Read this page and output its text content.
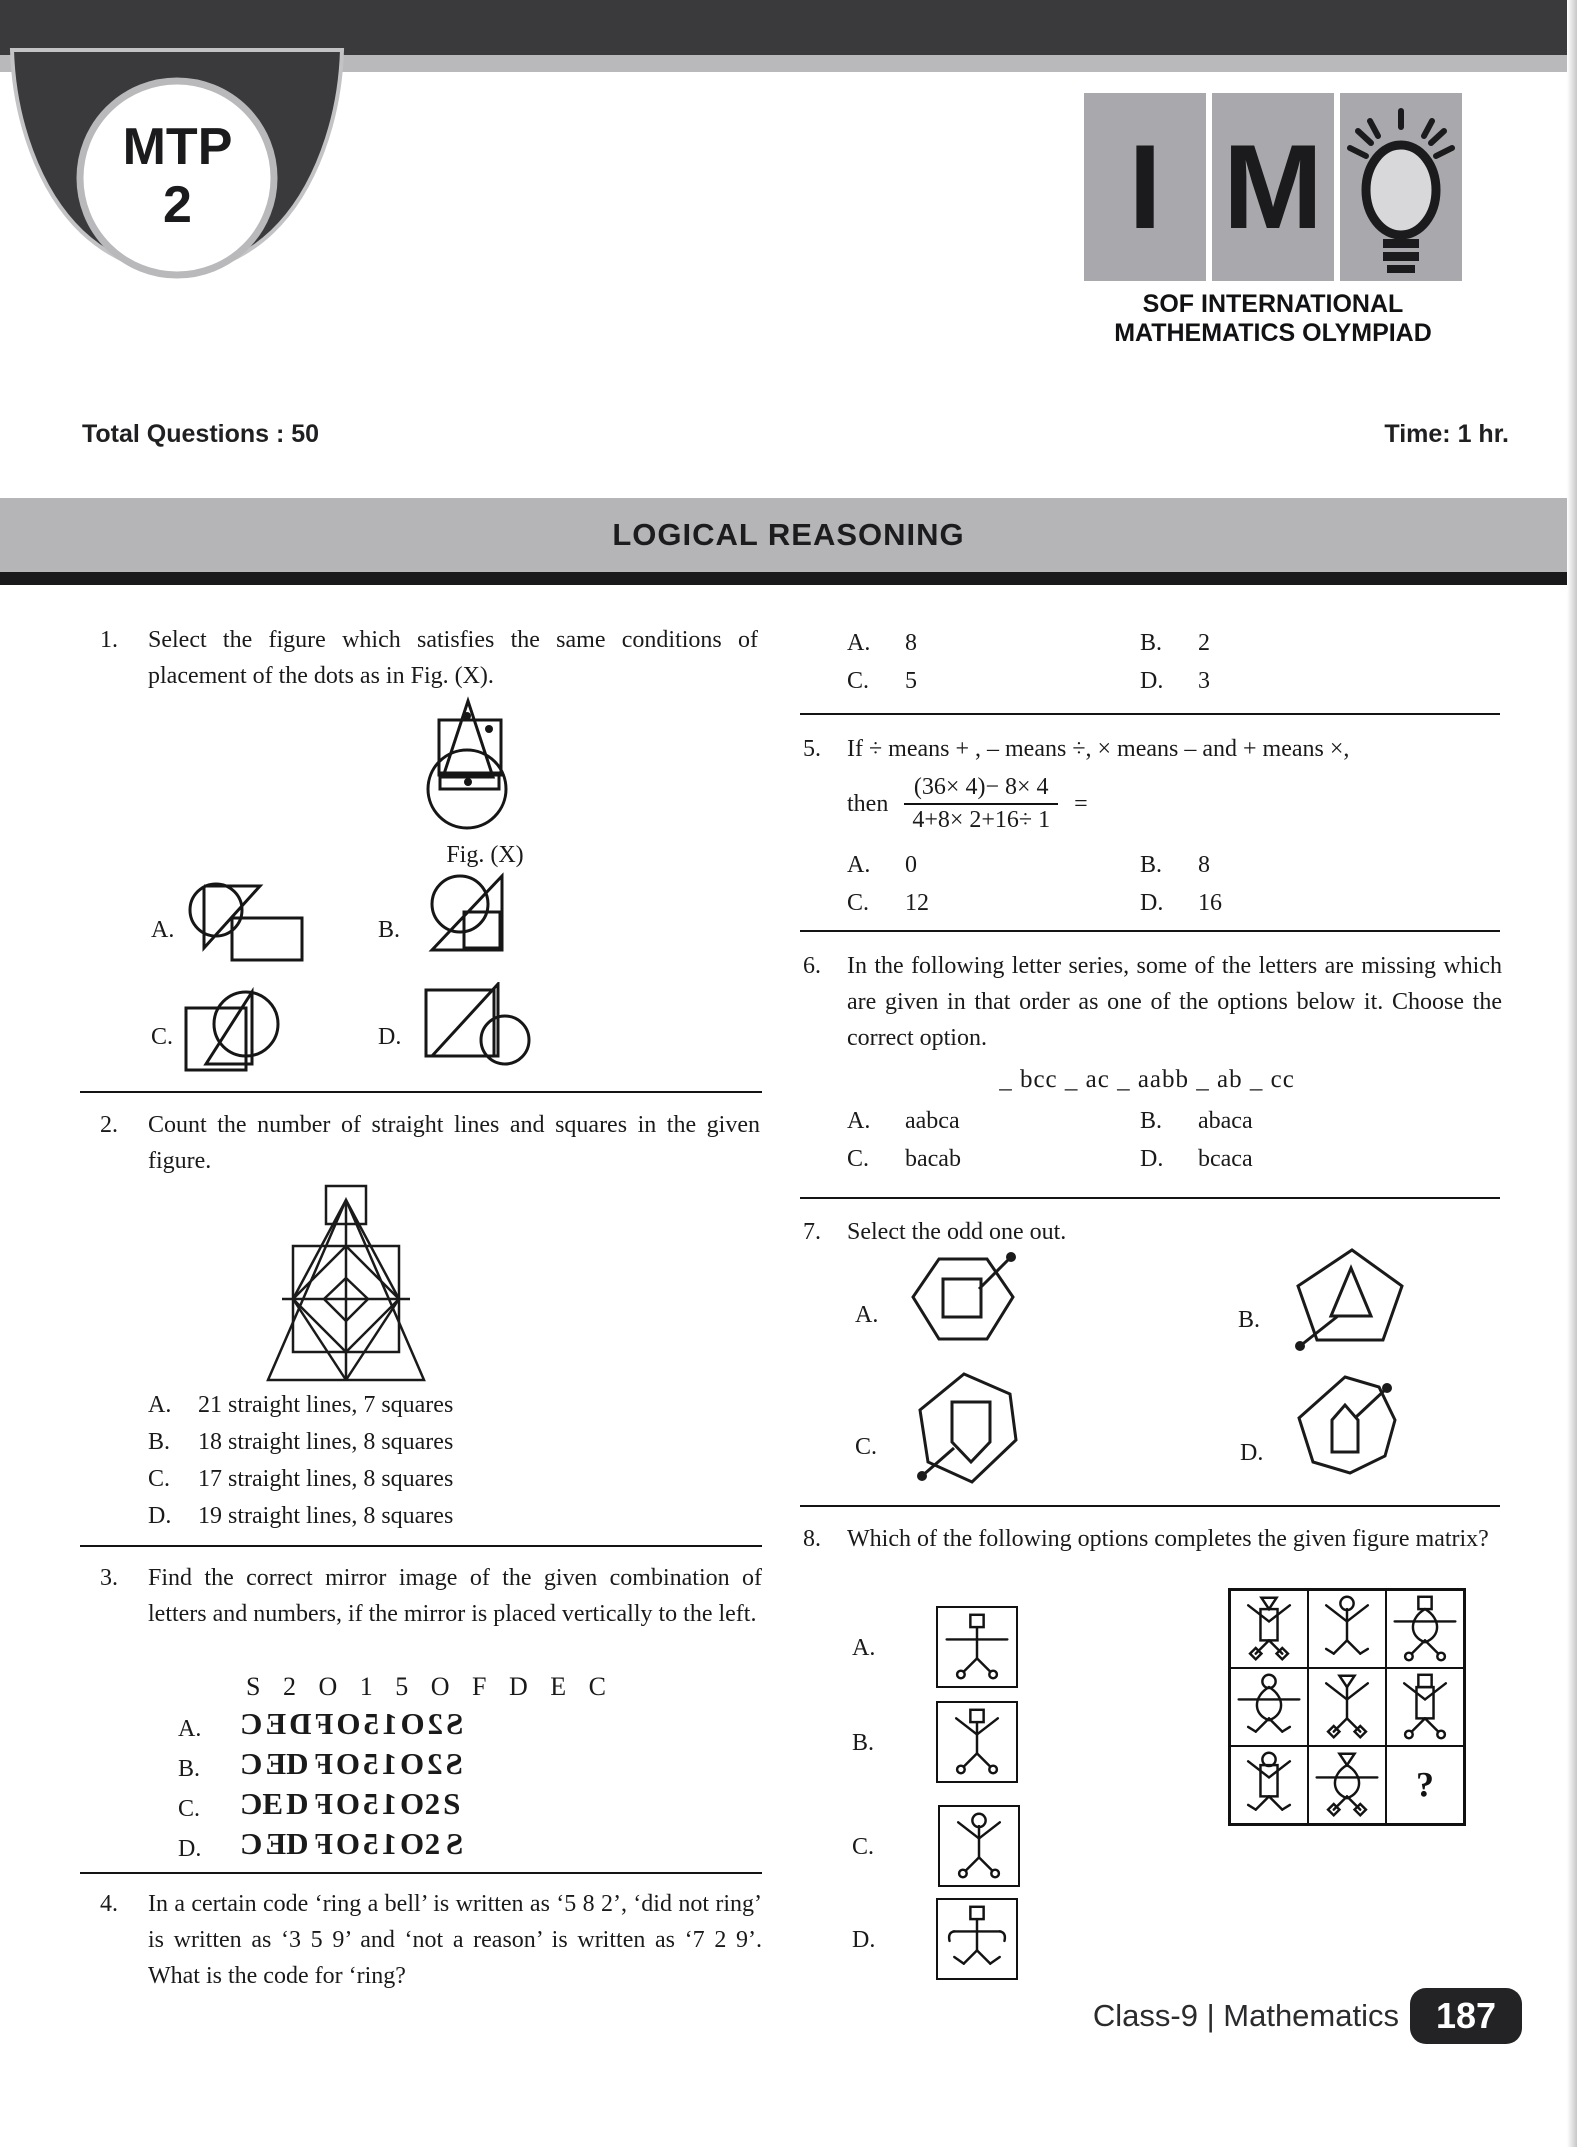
MTP
2	I M
SOF INTERNATIONAL
MATHEMATICS OLYMPIAD
Total Questions : 50	Time: 1 hr.
LOGICAL REASONING
1. Select the figure which satisfies the same conditions of placement of the dots as in Fig. (X).
Fig. (X)
A.	B.
C.	D.
2. Count the number of straight lines and squares in the given figure.
A.	21 straight lines, 7 squares
B.	18 straight lines, 8 squares
C.	17 straight lines, 8 squares
D.	19 straight lines, 8 squares
3. Find the correct mirror image of the given combination of letters and numbers, if the mirror is placed vertically to the left.
S 2 O 1 5 O F D E C
A. S2O15OFDEC
B. ECDS2O15OF
C. CEDO15OF2S
D. ECDO15OF2S
4. In a certain code ‘ring a bell’ is written as ‘5 8 2’, ‘did not ring’ is written as ‘3 5 9’ and ‘not a reason’ is written as ‘7 2 9’. What is the code for ‘ring?
A.	8	B.	2
C.	5	D.	3
5. If ÷ means + , – means ÷, × means – and + means ×,
then $\frac{(36\times 4)- 8\times 4}{4+8\times 2+16\div 1}$ =
A.	0	B.	8
C.	12	D.	16
6. In the following letter series, some of the letters are missing which are given in that order as one of the options below it. Choose the correct option.
_ bcc _ ac _ aabb _ ab _ cc
A.	aabca	B.	abaca
C.	bacab	D.	bcaca
7. Select the odd one out.
A.	B.
C.	D.
8. Which of the following options completes the given figure matrix?
A.
B.
C.
D.
?
Class-9 | Mathematics 187
